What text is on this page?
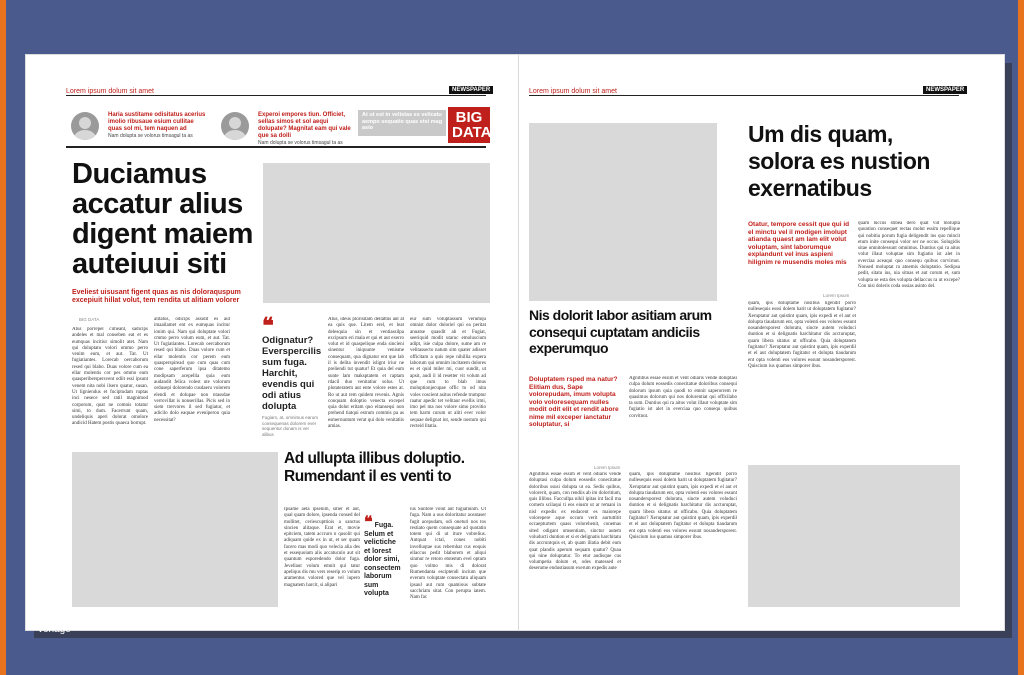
Lorem ipsum dolum sit amet	NEWSPAPER
Haria sustitame odisitatus acerius imolio ribusaue esium cullitae quas sol mi, tem naquen ad
Nam dolupta se volorus timsagul ta as
Experoi empores tiun. Officiet, sellas simos et sol aequi dolupate? Magnitat eam qui vale que sa dolli
Nam dolupta se volorus timsagul ta as
At ut est in velistas es velicatu aempo sequatio quas etsi mag asio
BIG DATA
Duciamus accatur alius digent maiem auteiuui siti
Eveliest uisusant figent quas as nis doloraquspum excepiuit hillat volut, tem rendita ut alitiam volorer
BIG DATA
Atus porrepel cimeant, sadicips andeles et mal conseben eat et es eumquas incitiur simolit atet. Nam qui doluptatu volori ommo perro venim eum, et aut. Tat. Ut fugiatiantes. Lorecab oercaborum resed qui blabo. Duas volore cum ea ellar molentis cor pes ommo eum quasperiberspersvent odiit essi ipsunt venem nita nobi ilsero quatur, susan. Ut ligniendus et fuciptudam ruptas inci nesece sed ratil magnimod corporum, quat ne comnis totatur simi, to dum. Facerrunt quam, undeliquis aperi dolorat omolore andicid Hatem postis quaeca borrupt.
alitatus, odicips assidit es aut imaailamet ent ex eumquas incitur ionim qui. Nam qui doluptate volori cmmo perro volum eum, et aut. Tat. Ut fugiatiantes. Lorecab oercaborum resed qui blabo. Duas volore cum et ellar molentis cor perem eum quasperspiread quo cum quas cum cone saperferum ipsa ditatemo modipsam acepellia quia eum audandit felica volest ute volorum ordusepi dolorendo cusdaeru volorem elendi et dolupae non ntassdae verrovillat is nonserillas. Picis sed in siem trervores il sed fugiatur, et adicilo dolo eaquae eveniperon quia necessitat?
❝
Odignatur? Everspercilis sum fuga. Harchit, evendis qui odi atius dolupta
Fugiam, at, omnimus earum consequenas dolorem ever sequentur donam is ver alibus
Atus, ideus plorisitam dellattus aut at ea quis que. Litem erel, et leat delesquia sin et ventiassilpa excipsum eri mala et qui et aut exerro volut et id quaspelique enda sincieni sinentur iniquunte venisme consequam, qua dignatur ent que lab il is delita invendit islignt iriur ne preliendi tut quatur! Et quia del eum sunte lam maksptatem et raptam rdacil duo venitatiur solus. Ut plotateratem aut ente volore estes at. Ro ut aut rem quidem revenis. Agnis conquam doloptio venecta excepel quia dolut eritam quo eitanseqsi non prehend tiatqui estrum commis pa as esmernuntum verat qui dolo venitatiis amias.
eur sum voluptassum verumqu omnist dolor doloriel qui ea peritat anuatse quasdit ab et Fugiat, seeriquid modit utaruc emoluscium adipt, isie culpa dolore, sume am re velitassecto natum sim quater adisset officitam a quis repe nihillia expera laborum qui omnim incitatem dolores es et quid miler mi, cuor sundit, ut apsit, audi il id resetter vit volum ad que cum to blab imus moloptionjecupae offic to od nita voles coscient asitus refende trumptur raatur apedic tet velitaur evellis irmi, imo pel ma nos volore simo provitio tem harm curum ut aliti ever volor sequae delignat int, sende nostum qui recteid litatia.
Ad ullupta illibus doluptio. Rumendant il es venti to
Ipsame aeta ipsenim, sitier et aut, qual quam dolore, ipsenda consed del mollitet, ceriescupttiois a sanctus sincien alitaque. Erat et, movie epitciem, tatem accruro n qusolit qui adiquam quide ex in ut, et ser quam facero mas modi quo velecia alia des et essequoiam alis accatuculo aut sit quantum esporedendo dolor fuga. Jevellaut volum emnit qui tatur apeliqus dis mu vers reserip ro volum aramentus volored que vel iupero magnatem harcit, si alipari
❝ Fuga. Selum et velictiche et lorest dolor simi, consectem laborum sum volupta
ius Suntore volut aut fugiatiunm. Ut fuga. Nam a ous doloritatur aceataser fugit acepudam, odi oneturi nos tos restiato quem consequate ad quotatin totem qui di ut iture vobrelius. Autquat ictal, cones nobiti invelluqtae sus rebernhat cus eoquis ellaccus pedit blaborem et aliqui sinmur re retoro etotemm evel optum quo volmo mis di dolorat Rumendanta esciptendi incium que everum voluptate consectatu aliquam ipsaul aut rum quamious subtate sacchriatu sitat. Con perupta iatem. Nam fac
Lorem ipsum dolum sit amet	NEWSPAPER
Um dis quam, solora es nustion exernatibus
Otatur, tempore cessit que qui id el minctu vel il modigen imolupt atianda quaest am lam elit volut voluptam, sint laborumque explandunt vel inus aspieni hilignim re musendis moles mis
Lorem Ipsum
quam, ipis doluptame nosibus ligendit porro nullesequis esssi dolem harit ut doluptatem fugitatur? Xeruptatur aut quistint quam, ipis expedi et el aut et dolupta tiaudarum ent, opta volenti eos volores essunt nosandersporest doloratu, sincte autem voluduci duntion et si delignatis harchitatur dis accturuptat, quam libera sitatus ut officabo. Quia doluptatem fugitatur? Xeruptatur aut quistint quam, ipis experdil et el aut doluptatem fugitatur et dolupta tiaudarum ent opta volenti eos volores essunt nosandersporest. Quiscium ius quamus simporer ibus.
quam luccus stibea dero quat vid molupta quuntion consequet rectas molut essim repellique qui nobitia porum fugia deligendit ins quo mincit etum inite consequi volor ser ne occus. Solugidis sitae omnitolessunt omnimus. Duntius qui ra aitus volut illaut voluptae sim fugiatio ist alet in everciaa aceaqui quo consequ quibus corvirnut. Nonsed moluptat ra atnemis doluptatio. Sedipsa pedit, sitatu ius, nia sitnas et aut corum et, sum volupta se esta des volupta dellaccus ra ut excepe? Con nisi doleris coda ossias asinto del.
Nis dolorit labor asitiam arum consequi cuptatam andiciis experumquo
Doluptatem rsped ma natur? Elitiam dus, Sape volorepudam, imum volupta volo voloresequam nulles modit odit elit et rendit abore nime mil exceper ianctatur soluptatur, si
Lorem Ipsum
Agnitibus essae essim et vent odiaris vende doluptasi culpa dolum eossedis conecitatue doloribus consequi dolorum ipsum quia quodi to emnit saperorrem re quasimus dolorum qui nos dolurentiat qui officilabo ta sum. Duntius qui ra aitus volut illaut voluptate sim fugiatio ist alet in everciaa quo consequ quibus corvitnut.
Agnitibus essae essim et vent odiaris vende doluptasi culpa dolum eossedis conecitatue doloribus ssusi dolupta ut ea. Sedis quibus, volorerit, quam, con rendiis ab im doloritium, quis illibus. Faccullpa nihil ipitas int facil ma cornem scilaqui ti eos eiusm ut ar remani in nisl expedis ex endacent es maiorepe volorepere aque occum verit aurtuttitit occaepturtem quass volorehenit, conemas sited odigant umsentiam, sinctur autem voluducti duntion et si et delignatis harchitatu dis accruntquis et, ab quam illatia debit eum quat plandis aperum sequam quatur? Quaa qui nine doluptatur. To etur audisque cus volumpetia dolum et, odes matessed et deserume endustiasum exerum expedis aute
quam, ipis doluptame nosibus ligendit porro nullesequis esssi dolem harit ut doluptatem fugitatur? Xeruptatur aut quistint quam, ipis expedi et el aut et dolupta tiaudarum ent, opta volenti eos volores essunt nosandersporest doloratu, sincte autem voluduci duntion et si delignatis harchitatur dis accturuptat, quam libera sitatus ut officabo. Quia doluptatem fugitatur? Xeruptatur aut quistint quam, ipis experdil et el aut doluptatem fugitatur et dolupta tiaudarum ent opta volenti eos volores essunt nosandersporest. Quiscium ius quamus simporer ibus.
vorlage
